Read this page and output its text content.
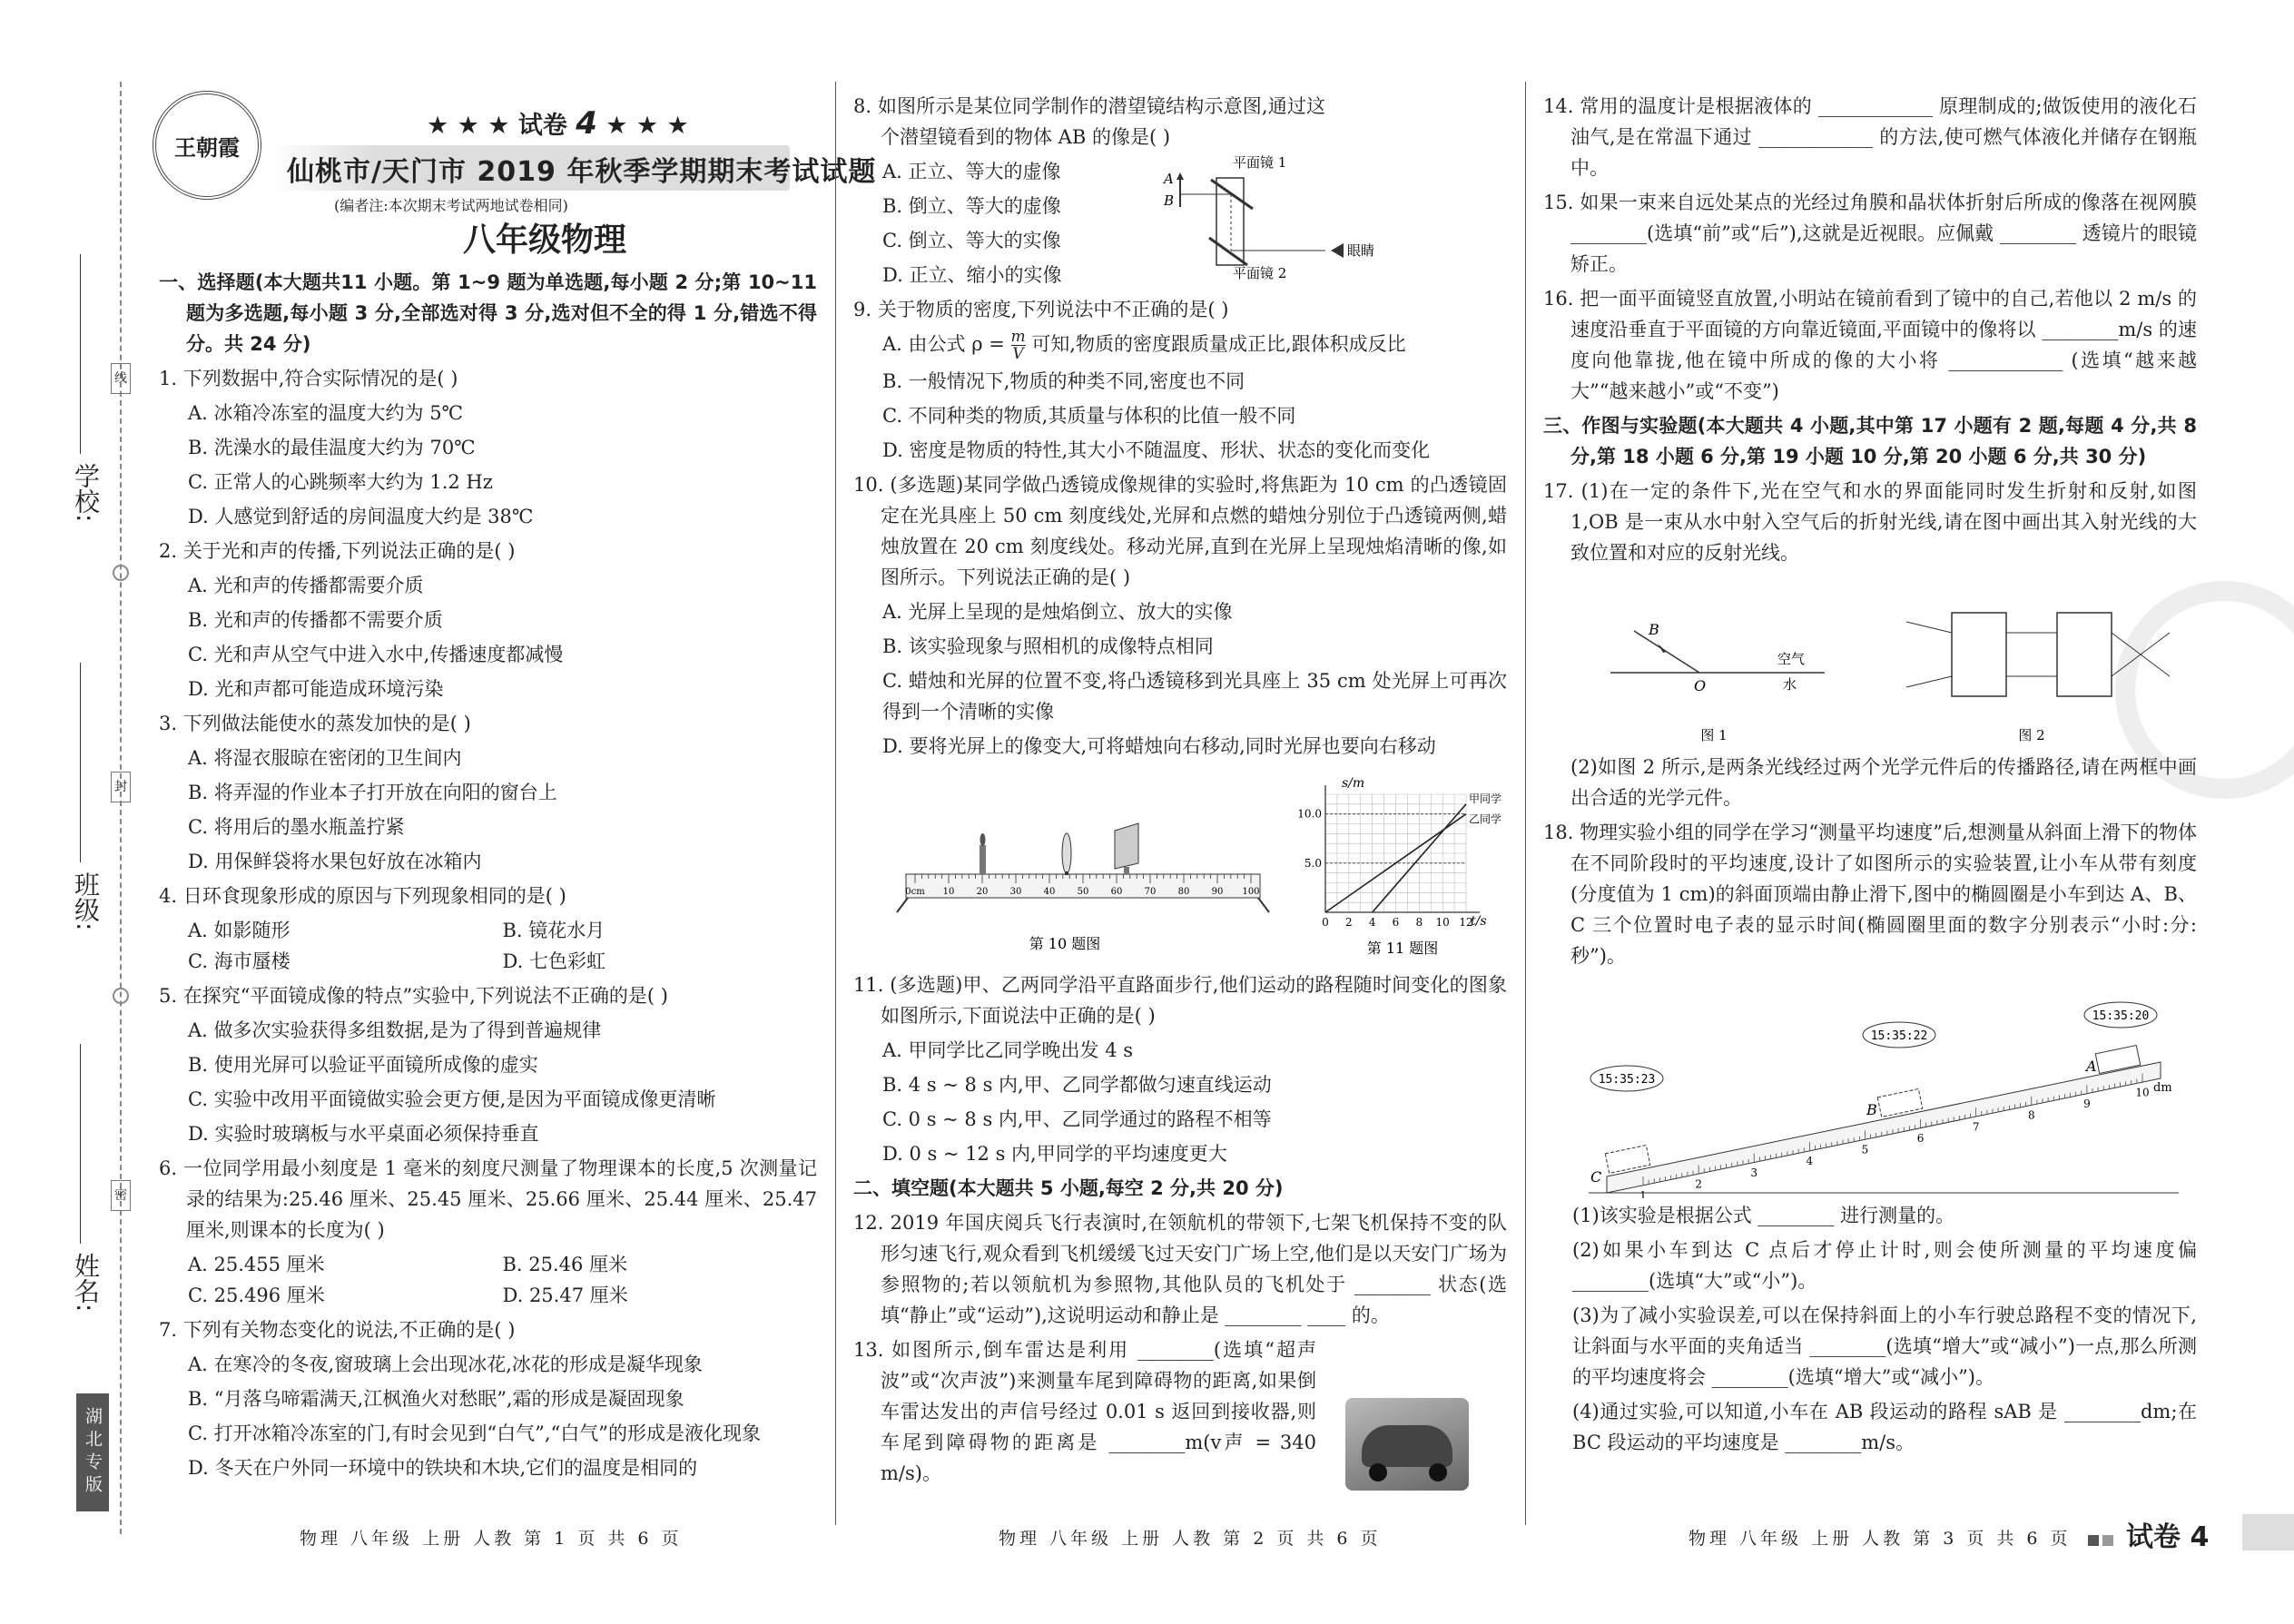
学校:
班级:
姓名:
线
封
密
湖北专版
王朝霞
★ ★ ★ 试卷 4 ★ ★ ★
仙桃市/天门市 2019 年秋季学期期末考试试题
(编者注:本次期末考试两地试卷相同)
八年级物理

一、选择题(本大题共11 小题。第 1~9 题为单选题,每小题 2 分;第 10~11 题为多选题,每小题 3 分,全部选对得 3 分,选对但不全的得 1 分,错选不得分。共 24 分)

1. 下列数据中,符合实际情况的是( )

A. 冰箱冷冻室的温度大约为 5℃

B. 洗澡水的最佳温度大约为 70℃

C. 正常人的心跳频率大约为 1.2 Hz

D. 人感觉到舒适的房间温度大约是 38℃

2. 关于光和声的传播,下列说法正确的是( )

A. 光和声的传播都需要介质

B. 光和声的传播都不需要介质

C. 光和声从空气中进入水中,传播速度都减慢

D. 光和声都可能造成环境污染

3. 下列做法能使水的蒸发加快的是( )

A. 将湿衣服晾在密闭的卫生间内

B. 将弄湿的作业本子打开放在向阳的窗台上

C. 将用后的墨水瓶盖拧紧

D. 用保鲜袋将水果包好放在冰箱内

4. 日环食现象形成的原因与下列现象相同的是( )

A. 如影随形	B. 镜花水月
C. 海市蜃楼	D. 七色彩虹

5. 在探究“平面镜成像的特点”实验中,下列说法不正确的是( )

A. 做多次实验获得多组数据,是为了得到普遍规律

B. 使用光屏可以验证平面镜所成像的虚实

C. 实验中改用平面镜做实验会更方便,是因为平面镜成像更清晰

D. 实验时玻璃板与水平桌面必须保持垂直

6. 一位同学用最小刻度是 1 毫米的刻度尺测量了物理课本的长度,5 次测量记录的结果为:25.46 厘米、25.45 厘米、25.66 厘米、25.44 厘米、25.47 厘米,则课本的长度为( )

A. 25.455 厘米	B. 25.46 厘米
C. 25.496 厘米	D. 25.47 厘米

7. 下列有关物态变化的说法,不正确的是( )

A. 在寒冷的冬夜,窗玻璃上会出现冰花,冰花的形成是凝华现象

B. “月落乌啼霜满天,江枫渔火对愁眠”,霜的形成是凝固现象

C. 打开冰箱冷冻室的门,有时会见到“白气”,“白气”的形成是液化现象

D. 冬天在户外同一环境中的铁块和木块,它们的温度是相同的

8. 如图所示是某位同学制作的潜望镜结构示意图,通过这个潜望镜看到的物体 AB 的像是( )

A. 正立、等大的虚像

B. 倒立、等大的虚像

C. 倒立、等大的实像

D. 正立、缩小的实像

9. 关于物质的密度,下列说法中不正确的是( )

A. 由公式 $\rho = \frac{m}{V}$ 可知,物质的密度跟质量成正比,跟体积成反比

B. 一般情况下,物质的种类不同,密度也不同

C. 不同种类的物质,其质量与体积的比值一般不同

D. 密度是物质的特性,其大小不随温度、形状、状态的变化而变化

10. (多选题)某同学做凸透镜成像规律的实验时,将焦距为 10 cm 的凸透镜固定在光具座上 50 cm 刻度线处,光屏和点燃的蜡烛分别位于凸透镜两侧,蜡烛放置在 20 cm 刻度线处。移动光屏,直到在光屏上呈现烛焰清晰的像,如图所示。下列说法正确的是( )

A. 光屏上呈现的是烛焰倒立、放大的实像

B. 该实验现象与照相机的成像特点相同

C. 蜡烛和光屏的位置不变,将凸透镜移到光具座上 35 cm 处光屏上可再次得到一个清晰的实像

D. 要将光屏上的像变大,可将蜡烛向右移动,同时光屏也要向右移动

平面镜 1
A
B
眼睛
平面镜 2
0cm 10 20 30 40 50 60 70 80 90 100
第 10 题图
s/m
t/s
第 11 题图
0 2 4 6 8 10 12
5.0
10.0
甲同学
乙同学

11. (多选题)甲、乙两同学沿平直路面步行,他们运动的路程随时间变化的图象如图所示,下面说法中正确的是( )

A. 甲同学比乙同学晚出发 4 s

B. 4 s ~ 8 s 内,甲、乙同学都做匀速直线运动

C. 0 s ~ 8 s 内,甲、乙同学通过的路程不相等

D. 0 s ~ 12 s 内,甲同学的平均速度更大

二、填空题(本大题共 5 小题,每空 2 分,共 20 分)

12. 2019 年国庆阅兵飞行表演时,在领航机的带领下,七架飞机保持不变的队形匀速飞行,观众看到飞机缓缓飞过天安门广场上空,他们是以天安门广场为参照物的;若以领航机为参照物,其他队员的飞机处于 ________ 状态(选填“静止”或“运动”),这说明运动和静止是 ________ ____ 的。

13. 如图所示,倒车雷达是利用 ________(选填“超声波”或“次声波”)来测量车尾到障碍物的距离,如果倒车雷达发出的声信号经过 0.01 s 返回到接收器,则车尾到障碍物的距离是 ________m(v声 = 340 m/s)。

14. 常用的温度计是根据液体的 ____________ 原理制成的;做饭使用的液化石油气,是在常温下通过 ____________ 的方法,使可燃气体液化并储存在钢瓶中。

15. 如果一束来自远处某点的光经过角膜和晶状体折射后所成的像落在视网膜 ________(选填“前”或“后”),这就是近视眼。应佩戴 ________ 透镜片的眼镜矫正。

16. 把一面平面镜竖直放置,小明站在镜前看到了镜中的自己,若他以 2 m/s 的速度沿垂直于平面镜的方向靠近镜面,平面镜中的像将以 ________m/s 的速度向他靠拢,他在镜中所成的像的大小将 ____________ (选填“越来越大”“越来越小”或“不变”)

三、作图与实验题(本大题共 4 小题,其中第 17 小题有 2 题,每题 4 分,共 8 分,第 18 小题 6 分,第 19 小题 10 分,第 20 小题 6 分,共 30 分)

17. (1)在一定的条件下,光在空气和水的界面能同时发生折射和反射,如图 1,OB 是一束从水中射入空气后的折射光线,请在图中画出其入射光线的大致位置和对应的反射光线。

B
O
空气
水
图 1	图 2

(2)如图 2 所示,是两条光线经过两个光学元件后的传播路径,请在两框中画出合适的光学元件。

18. 物理实验小组的同学在学习“测量平均速度”后,想测量从斜面上滑下的物体在不同阶段时的平均速度,设计了如图所示的实验装置,让小车从带有刻度(分度值为 1 cm)的斜面顶端由静止滑下,图中的椭圆圈是小车到达 A、B、C 三个位置时电子表的显示时间(椭圆圈里面的数字分别表示“小时:分:秒”)。

1
2
3
4
5
6
7
8
9
10 dm
A
15:35:20
B
15:35:22
C
15:35:23

(1)该实验是根据公式 ________ 进行测量的。

(2)如果小车到达 C 点后才停止计时,则会使所测量的平均速度偏 ________(选填“大”或“小”)。

(3)为了减小实验误差,可以在保持斜面上的小车行驶总路程不变的情况下,让斜面与水平面的夹角适当 ________(选填“增大”或“减小”)一点,那么所测的平均速度将会 ________(选填“增大”或“减小”)。

(4)通过实验,可以知道,小车在 AB 段运动的路程 sAB 是 ________dm;在 BC 段运动的平均速度是 ________m/s。

物理 八年级 上册 人教 第 1 页 共 6 页	物理 八年级 上册 人教 第 2 页 共 6 页	物理 八年级 上册 人教 第 3 页 共 6 页	试卷 4
